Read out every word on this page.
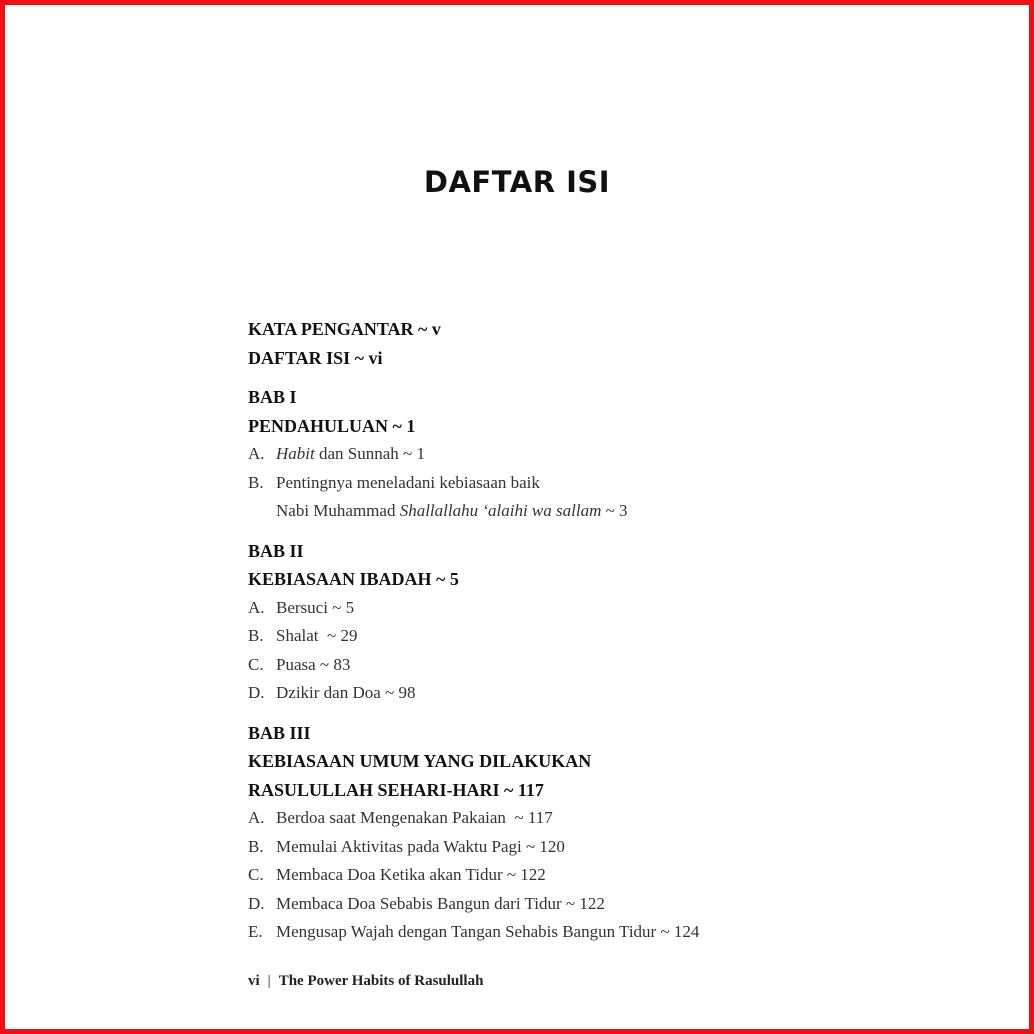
DAFTAR ISI
KATA PENGANTAR ~ v
DAFTAR ISI ~ vi
BAB I
PENDAHULUAN ~ 1
A. Habit dan Sunnah ~ 1
B. Pentingnya meneladani kebiasaan baik
Nabi Muhammad Shallallahu ‘alaihi wa sallam ~ 3
BAB II
KEBIASAAN IBADAH ~ 5
A. Bersuci ~ 5
B. Shalat  ~ 29
C. Puasa ~ 83
D. Dzikir dan Doa ~ 98
BAB III
KEBIASAAN UMUM YANG DILAKUKAN
RASULULLAH SEHARI-HARI ~ 117
A. Berdoa saat Mengenakan Pakaian  ~ 117
B. Memulai Aktivitas pada Waktu Pagi ~ 120
C. Membaca Doa Ketika akan Tidur ~ 122
D. Membaca Doa Sebabis Bangun dari Tidur ~ 122
E. Mengusap Wajah dengan Tangan Sehabis Bangun Tidur ~ 124
vi | The Power Habits of Rasulullah
